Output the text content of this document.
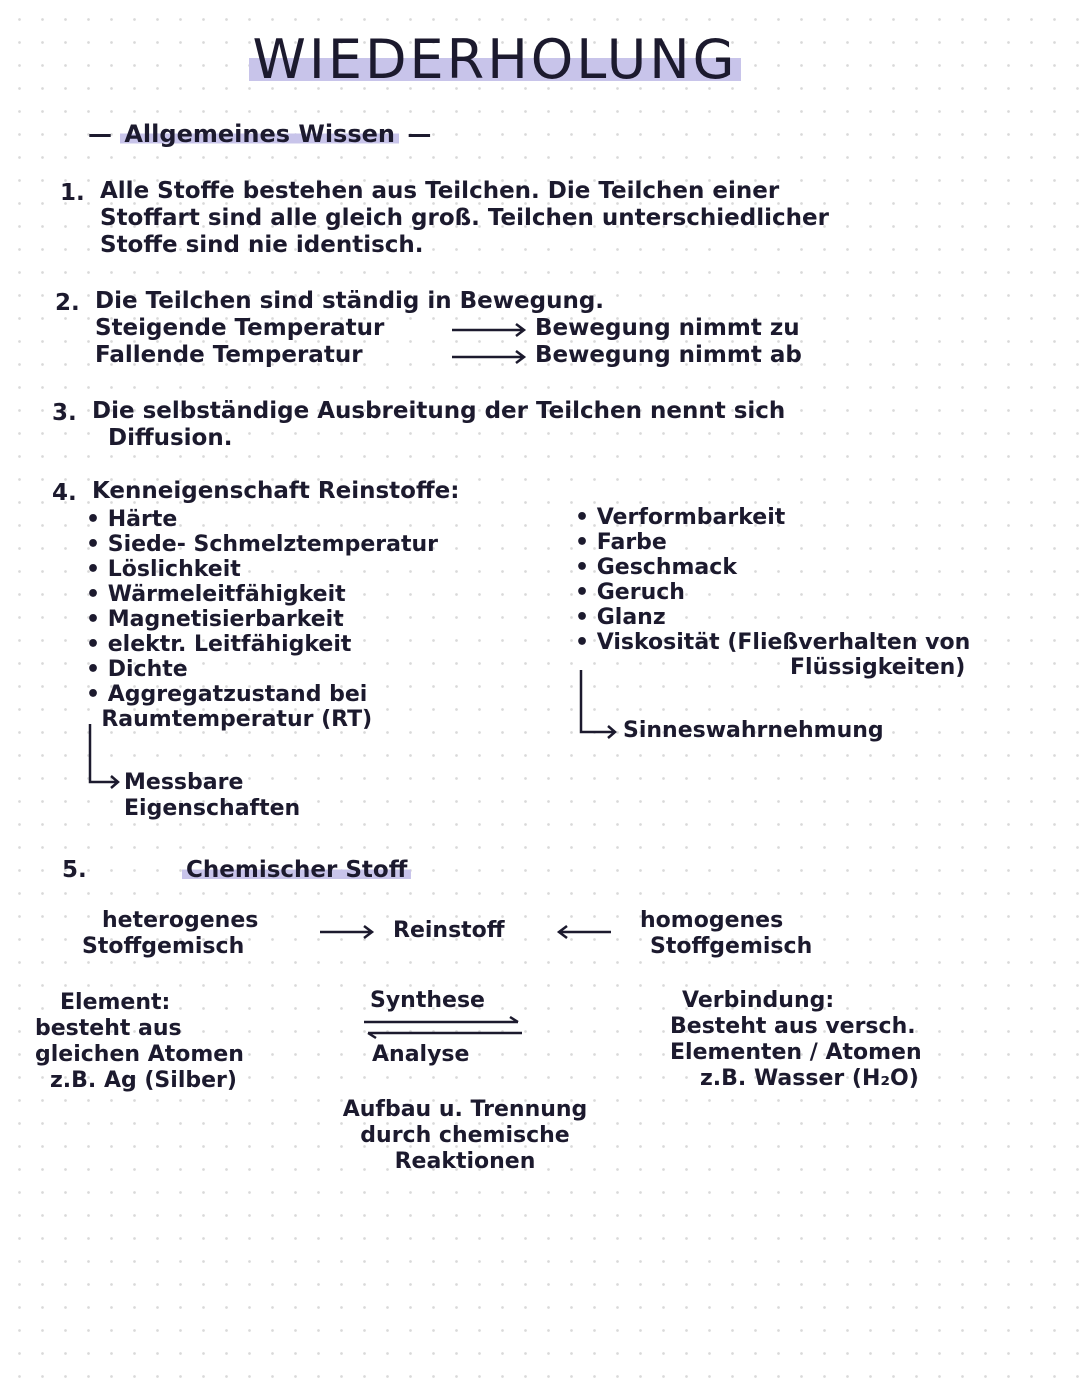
WIEDERHOLUNG
— Allgemeines Wissen —
1. Alle Stoffe bestehen aus Teilchen. Die Teilchen einer
Stoffart sind alle gleich groß. Teilchen unterschiedlicher
Stoffe sind nie identisch.
2. Die Teilchen sind ständig in Bewegung.
Steigende Temperatur
Fallende Temperatur
Bewegung nimmt zu
Bewegung nimmt ab
3. Die selbständige Ausbreitung der Teilchen nennt sich
Diffusion.
4. Kenneigenschaft Reinstoffe:
• Härte
• Siede- Schmelztemperatur
• Löslichkeit
• Wärmeleitfähigkeit
• Magnetisierbarkeit
• elektr. Leitfähigkeit
• Dichte
• Aggregatzustand bei
Raumtemperatur (RT)
Messbare
Eigenschaften
• Verformbarkeit
• Farbe
• Geschmack
• Geruch
• Glanz
• Viskosität (Fließverhalten von
Flüssigkeiten)
Sinneswahrnehmung
5.	Chemischer Stoff
heterogenes
Stoffgemisch
Reinstoff	homogenes
Stoffgemisch
Element:
besteht aus
gleichen Atomen
z.B. Ag (Silber)
Synthese
Analyse
Verbindung:
Besteht aus versch.
Elementen / Atomen
z.B. Wasser (H₂O)
Aufbau u. Trennung
durch chemische
Reaktionen
